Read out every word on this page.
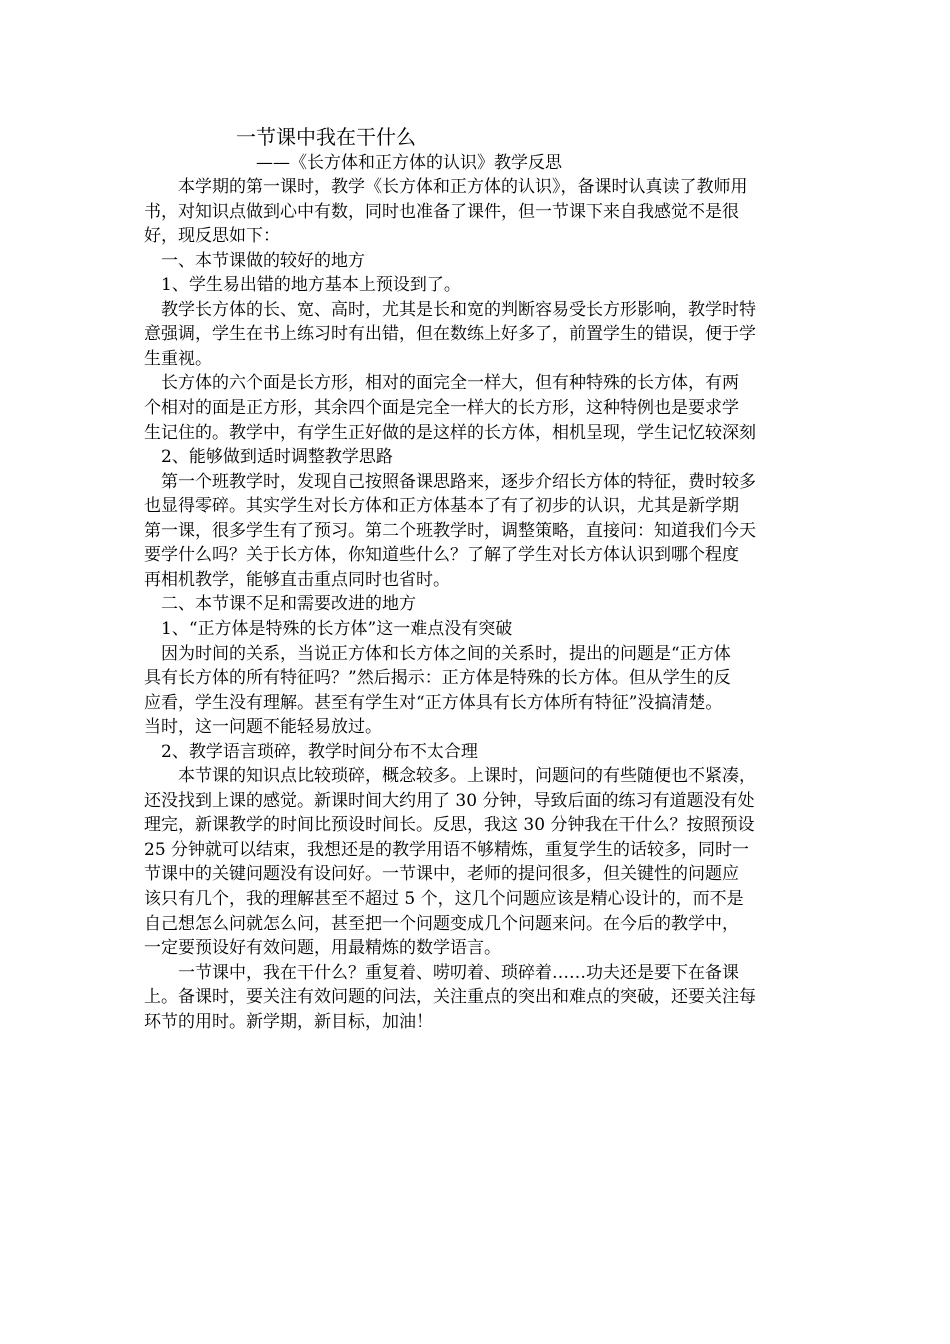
一节课中我在干什么
——《长方体和正方体的认识》教学反思
　　本学期的第一课时，教学《长方体和正方体的认识》，备课时认真读了教师用
书，对知识点做到心中有数，同时也准备了课件，但一节课下来自我感觉不是很
好，现反思如下：
　一、本节课做的较好的地方
　1、学生易出错的地方基本上预设到了。
　教学长方体的长、宽、高时，尤其是长和宽的判断容易受长方形影响，教学时特
意强调，学生在书上练习时有出错，但在数练上好多了，前置学生的错误，便于学
生重视。
　长方体的六个面是长方形，相对的面完全一样大，但有种特殊的长方体，有两
个相对的面是正方形，其余四个面是完全一样大的长方形，这种特例也是要求学
生记住的。教学中，有学生正好做的是这样的长方体，相机呈现，学生记忆较深刻
　2、能够做到适时调整教学思路
　第一个班教学时，发现自己按照备课思路来，逐步介绍长方体的特征，费时较多
也显得零碎。其实学生对长方体和正方体基本了有了初步的认识，尤其是新学期
第一课，很多学生有了预习。第二个班教学时，调整策略，直接问：知道我们今天
要学什么吗？关于长方体，你知道些什么？了解了学生对长方体认识到哪个程度
再相机教学，能够直击重点同时也省时。
　二、本节课不足和需要改进的地方
　1、“正方体是特殊的长方体”这一难点没有突破
　因为时间的关系，当说正方体和长方体之间的关系时，提出的问题是“正方体
具有长方体的所有特征吗？”然后揭示：正方体是特殊的长方体。但从学生的反
应看，学生没有理解。甚至有学生对“正方体具有长方体所有特征”没搞清楚。
当时，这一问题不能轻易放过。
　2、教学语言琐碎，教学时间分布不太合理
　　本节课的知识点比较琐碎，概念较多。上课时，问题问的有些随便也不紧凑，
还没找到上课的感觉。新课时间大约用了 30 分钟，导致后面的练习有道题没有处
理完，新课教学的时间比预设时间长。反思，我这 30 分钟我在干什么？按照预设
25 分钟就可以结束，我想还是的教学用语不够精炼，重复学生的话较多，同时一
节课中的关键问题没有设问好。一节课中，老师的提问很多，但关键性的问题应
该只有几个，我的理解甚至不超过 5 个，这几个问题应该是精心设计的，而不是
自己想怎么问就怎么问，甚至把一个问题变成几个问题来问。在今后的教学中，
一定要预设好有效问题，用最精炼的数学语言。
　　一节课中，我在干什么？重复着、唠叨着、琐碎着……功夫还是要下在备课
上。备课时，要关注有效问题的问法，关注重点的突出和难点的突破，还要关注每
环节的用时。新学期，新目标，加油！
